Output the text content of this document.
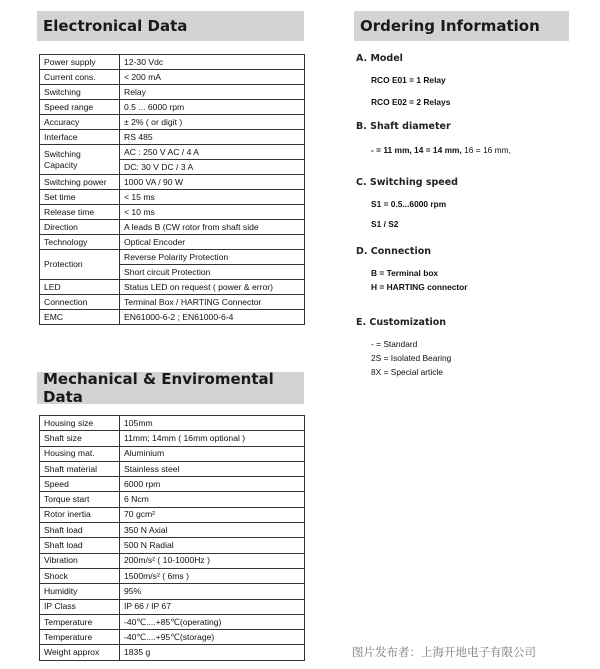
Electronical Data
Power supply	12-30 Vdc
Current cons.	< 200 mA
Switching	Relay
Speed range	0.5 ... 6000 rpm
Accuracy	± 2% ( or digit )
Interface	RS 485
Switching Capacity	AC : 250 V AC / 4 A
	DC: 30 V DC / 3 A
Switching power	1000 VA / 90 W
Set time	< 15 ms
Release time	< 10 ms
Direction	A leads B (CW rotor from shaft side
Technology	Optical Encoder
Protection	Reverse Polarity Protection
	Short circuit Protection
LED	Status LED on request ( power & error)
Connection	Terminal Box / HARTING Connector
EMC	EN61000-6-2 ; EN61000-6-4
Mechanical & Enviromental Data
Housing size	105mm
Shaft size	11mm; 14mm ( 16mm optional )
Housing mat.	Aluminium
Shaft material	Stainless steel
Speed	6000 rpm
Torque start	6 Ncm
Rotor inertia	70 gcm²
Shaft load	350 N Axial
Shaft load	500 N Radial
Vibration	200m/s² ( 10-1000Hz )
Shock	1500m/s² ( 6ms )
Humidity	95%
IP Class	IP 66 / IP 67
Temperature	-40℃....+85℃(operating)
Temperature	-40℃....+95℃(storage)
Weight approx	1835 g
Ordering Information
A. Model
RCO E01 = 1 Relay
RCO E02 = 2 Relays
B. Shaft diameter
- = 11 mm, 14 = 14 mm, 16 = 16 mm,
C. Switching speed
S1 = 0.5...6000 rpm
S1 / S2
D. Connection
B = Terminal box
H = HARTING connector
E. Customization
- = Standard
2S = Isolated Bearing
8X = Special article
图片发布者：上海开地电子有限公司
